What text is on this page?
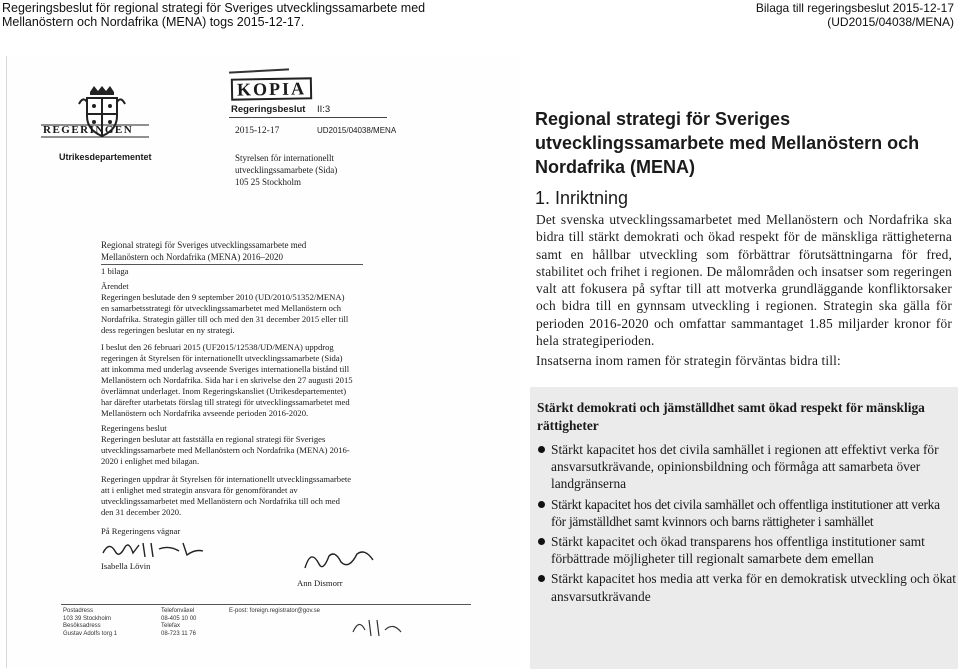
Regeringsbeslut för regional strategi för Sveriges utvecklingssamarbete med
Mellanöstern och Nordafrika (MENA) togs 2015-12-17.
Bilaga till regeringsbeslut 2015-12-17
(UD2015/04038/MENA)
REGERINGEN
Utrikesdepartementet
KOPIA
Regeringsbeslut II:3
2015-12-17	UD2015/04038/MENA
Styrelsen för internationellt
utvecklingssamarbete (Sida)
105 25 Stockholm
Regional strategi för Sveriges utvecklingssamarbete med
Mellanöstern och Nordafrika (MENA) 2016–2020
1 bilaga
Ärendet
Regeringen beslutade den 9 september 2010 (UD/2010/51352/MENA)
en samarbetsstrategi för utvecklingssamarbetet med Mellanöstern och
Nordafrika. Strategin gäller till och med den 31 december 2015 eller till
dess regeringen beslutar en ny strategi.
I beslut den 26 februari 2015 (UF2015/12538/UD/MENA) uppdrog
regeringen åt Styrelsen för internationellt utvecklingssamarbete (Sida)
att inkomma med underlag avseende Sveriges internationella bistånd till
Mellanöstern och Nordafrika. Sida har i en skrivelse den 27 augusti 2015
överlämnat underlaget. Inom Regeringskansliet (Utrikesdepartementet)
har därefter utarbetats förslag till strategi för utvecklingssamarbetet med
Mellanöstern och Nordafrika avseende perioden 2016-2020.
Regeringens beslut
Regeringen beslutar att fastställa en regional strategi för Sveriges
utvecklingssamarbete med Mellanöstern och Nordafrika (MENA) 2016-
2020 i enlighet med bilagan.
Regeringen uppdrar åt Styrelsen för internationellt utvecklingssamarbete
att i enlighet med strategin ansvara för genomförandet av
utvecklingssamarbetet med Mellanöstern och Nordafrika till och med
den 31 december 2020.
På Regeringens vägnar
Isabella Lövin
Ann Dismorr
Postadress
103 39 Stockholm
Besöksadress
Gustav Adolfs torg 1
Telefonväxel
08-405 10 00
Telefax
08-723 11 76
E-post: foreign.registrator@gov.se
Regional strategi för Sveriges utvecklingssamarbete med Mellanöstern och Nordafrika (MENA)
1. Inriktning
Det svenska utvecklingssamarbetet med Mellanöstern och Nordafrika ska bidra till stärkt demokrati och ökad respekt för de mänskliga rättigheterna samt en hållbar utveckling som förbättrar förutsättningarna för fred, stabilitet och frihet i regionen. De målområden och insatser som regeringen valt att fokusera på syftar till att motverka grundläggande konfliktorsaker och bidra till en gynnsam utveckling i regionen. Strategin ska gälla för perioden 2016-2020 och omfattar sammantaget 1.85 miljarder kronor för hela strategiperioden.
Insatserna inom ramen för strategin förväntas bidra till:
Stärkt demokrati och jämställdhet samt ökad respekt för mänskliga rättigheter
Stärkt kapacitet hos det civila samhället i regionen att effektivt verka för ansvarsutkrävande, opinionsbildning och förmåga att samarbeta över landgränserna
Stärkt kapacitet hos det civila samhället och offentliga institutioner att verka för jämställdhet samt kvinnors och barns rättigheter i samhället
Stärkt kapacitet och ökad transparens hos offentliga institutioner samt förbättrade möjligheter till regionalt samarbete dem emellan
Stärkt kapacitet hos media att verka för en demokratisk utveckling och ökat ansvarsutkrävande
